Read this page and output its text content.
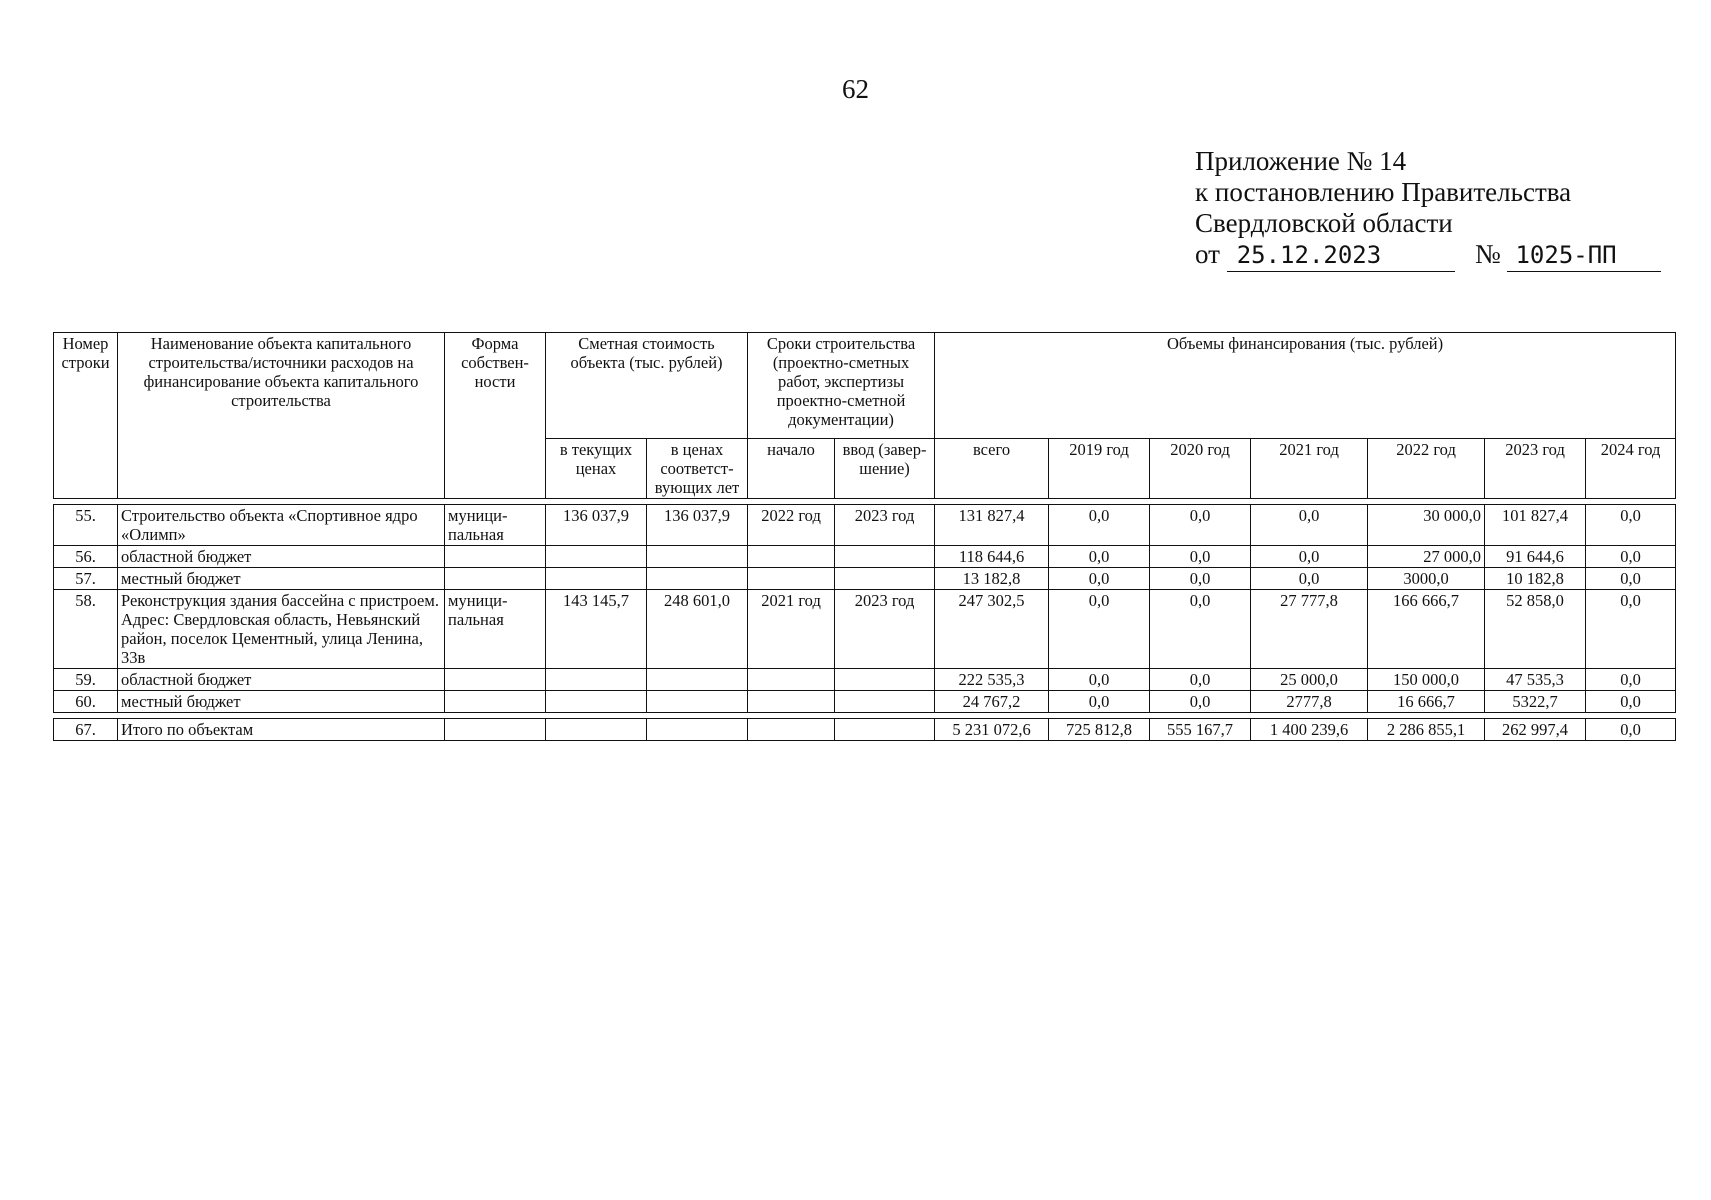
62
Приложение № 14
к постановлению Правительства
Свердловской области
от 25.12.2023	№ 1025-ПП
Номер строки	Наименование объекта капитального строительства/источники расходов на финансирование объекта капитального строительства	Форма собствен-ности	Сметная стоимость объекта (тыс. рублей)		Сроки строительства (проектно-сметных работ, экспертизы проектно-сметной документации)		Объемы финансирования (тыс. рублей)						
			в текущих ценах	в ценах соответст-вующих лет	начало	ввод (завер-шение)	всего	2019 год	2020 год	2021 год	2022 год	2023 год	2024 год

55.	Строительство объекта «Спортивное ядро «Олимп»	муници-пальная	136 037,9	136 037,9	2022 год	2023 год	131 827,4	0,0	0,0	0,0	30 000,0	101 827,4	0,0
56.	областной бюджет						118 644,6	0,0	0,0	0,0	27 000,0	91 644,6	0,0
57.	местный бюджет						13 182,8	0,0	0,0	0,0	3000,0	10 182,8	0,0
58.	Реконструкция здания бассейна с пристроем. Адрес: Свердловская область, Невьянский район, поселок Цементный, улица Ленина, 33в	муници-пальная	143 145,7	248 601,0	2021 год	2023 год	247 302,5	0,0	0,0	27 777,8	166 666,7	52 858,0	0,0
59.	областной бюджет						222 535,3	0,0	0,0	25 000,0	150 000,0	47 535,3	0,0
60.	местный бюджет						24 767,2	0,0	0,0	2777,8	16 666,7	5322,7	0,0

67.	Итого по объектам						5 231 072,6	725 812,8	555 167,7	1 400 239,6	2 286 855,1	262 997,4	0,0
